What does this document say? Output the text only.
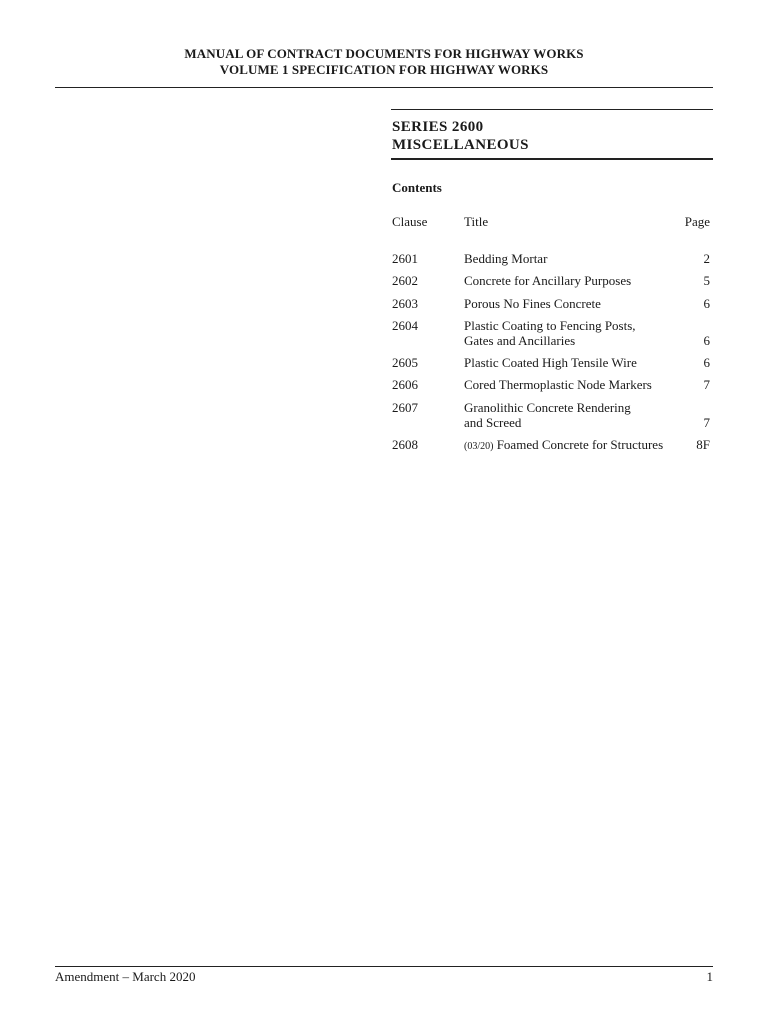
MANUAL OF CONTRACT DOCUMENTS FOR HIGHWAY WORKS
VOLUME 1 SPECIFICATION FOR HIGHWAY WORKS
SERIES 2600
MISCELLANEOUS
Contents
Clause	Title	Page
2601	Bedding Mortar	2
2602	Concrete for Ancillary Purposes	5
2603	Porous No Fines Concrete	6
2604	Plastic Coating to Fencing Posts,
Gates and Ancillaries	6
2605	Plastic Coated High Tensile Wire	6
2606	Cored Thermoplastic Node Markers	7
2607	Granolithic Concrete Rendering
and Screed	7
2608	(03/20) Foamed Concrete for Structures	8F
Amendment – March 2020	1
